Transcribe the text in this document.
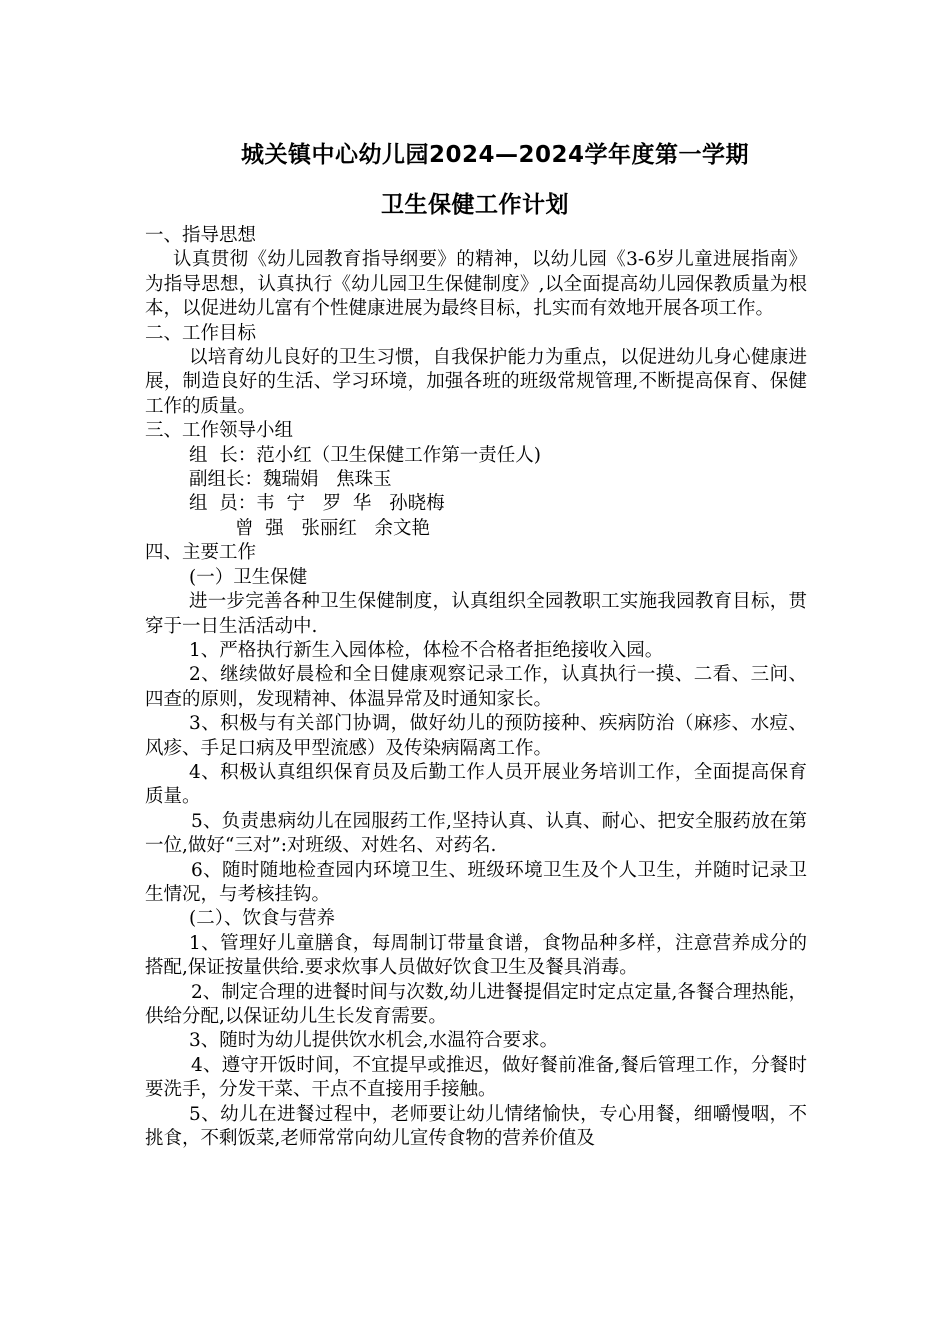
城关镇中心幼儿园2024—2024学年度第一学期
卫生保健工作计划

一、指导思想

认真贯彻《幼儿园教育指导纲要》的精神，以幼儿园《3-6岁儿童进展指南》为指导思想，认真执行《幼儿园卫生保健制度》,以全面提高幼儿园保教质量为根本，以促进幼儿富有个性健康进展为最终目标，扎实而有效地开展各项工作。

二、工作目标

以培育幼儿良好的卫生习惯，自我保护能力为重点，以促进幼儿身心健康进展，制造良好的生活、学习环境，加强各班的班级常规管理,不断提高保育、保健工作的质量。

三、工作领导小组

组  长：范小红（卫生保健工作第一责任人)

副组长：魏瑞娟   焦珠玉

组  员：韦  宁   罗  华   孙晓梅

曾  强   张丽红   余文艳

四、主要工作

(一）卫生保健

进一步完善各种卫生保健制度，认真组织全园教职工实施我园教育目标，贯穿于一日生活活动中.

1、严格执行新生入园体检，体检不合格者拒绝接收入园。

2、继续做好晨检和全日健康观察记录工作，认真执行一摸、二看、三问、四查的原则，发现精神、体温异常及时通知家长。

3、积极与有关部门协调，做好幼儿的预防接种、疾病防治（麻疹、水痘、风疹、手足口病及甲型流感）及传染病隔离工作。

4、积极认真组织保育员及后勤工作人员开展业务培训工作，全面提高保育质量。

5、负责患病幼儿在园服药工作,坚持认真、认真、耐心、把安全服药放在第一位,做好“三对”:对班级、对姓名、对药名.

6、随时随地检查园内环境卫生、班级环境卫生及个人卫生，并随时记录卫生情况，与考核挂钩。

(二）、饮食与营养

1、管理好儿童膳食，每周制订带量食谱，食物品种多样，注意营养成分的搭配,保证按量供给.要求炊事人员做好饮食卫生及餐具消毒。

2、制定合理的进餐时间与次数,幼儿进餐提倡定时定点定量,各餐合理热能，供给分配,以保证幼儿生长发育需要。

3、随时为幼儿提供饮水机会,水温符合要求。

4、遵守开饭时间，不宜提早或推迟，做好餐前准备,餐后管理工作，分餐时要洗手，分发干菜、干点不直接用手接触。

5、幼儿在进餐过程中，老师要让幼儿情绪愉快，专心用餐，细嚼慢咽，不挑食，不剩饭菜,老师常常向幼儿宣传食物的营养价值及
